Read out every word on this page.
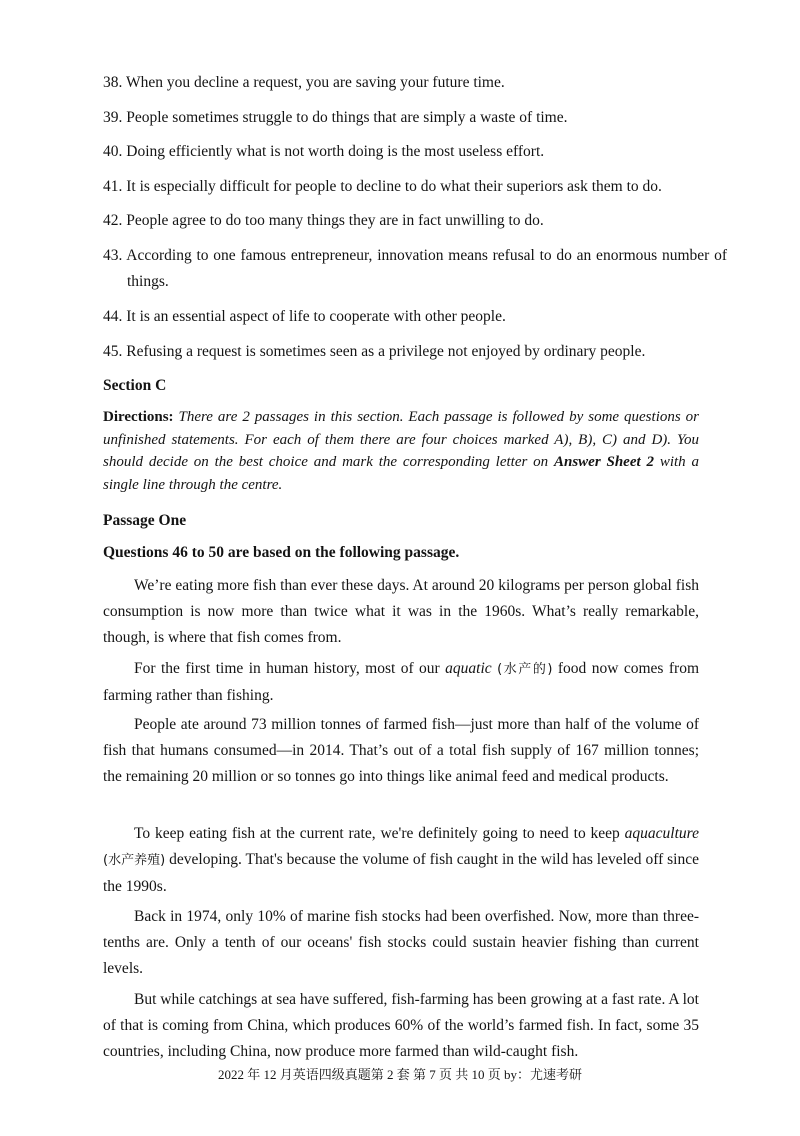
38. When you decline a request, you are saving your future time.

39. People sometimes struggle to do things that are simply a waste of time.

40. Doing efficiently what is not worth doing is the most useless effort.

41. It is especially difficult for people to decline to do what their superiors ask them to do.

42. People agree to do too many things they are in fact unwilling to do.

43. According to one famous entrepreneur, innovation means refusal to do an enormous number of things.

44. It is an essential aspect of life to cooperate with other people.

45. Refusing a request is sometimes seen as a privilege not enjoyed by ordinary people.

Section C

Directions: There are 2 passages in this section. Each passage is followed by some questions or unfinished statements. For each of them there are four choices marked A), B), C) and D). You should decide on the best choice and mark the corresponding letter on Answer Sheet 2 with a single line through the centre.

Passage One

Questions 46 to 50 are based on the following passage.

We’re eating more fish than ever these days. At around 20 kilograms per person global fish consumption is now more than twice what it was in the 1960s. What’s really remarkable, though, is where that fish comes from.

For the first time in human history, most of our aquatic (水产的) food now comes from farming rather than fishing.

People ate around 73 million tonnes of farmed fish—just more than half of the volume of fish that humans consumed—in 2014. That’s out of a total fish supply of 167 million tonnes; the remaining 20 million or so tonnes go into things like animal feed and medical products.

To keep eating fish at the current rate, we're definitely going to need to keep aquaculture (水产养殖) developing. That's because the volume of fish caught in the wild has leveled off since the 1990s.

Back in 1974, only 10% of marine fish stocks had been overfished. Now, more than three-tenths are. Only a tenth of our oceans' fish stocks could sustain heavier fishing than current levels.

But while catchings at sea have suffered, fish-farming has been growing at a fast rate. A lot of that is coming from China, which produces 60% of the world’s farmed fish. In fact, some 35 countries, including China, now produce more farmed than wild-caught fish.

2022 年 12 月英语四级真题第 2 套 第 7 页 共 10 页 by：尤速考研
